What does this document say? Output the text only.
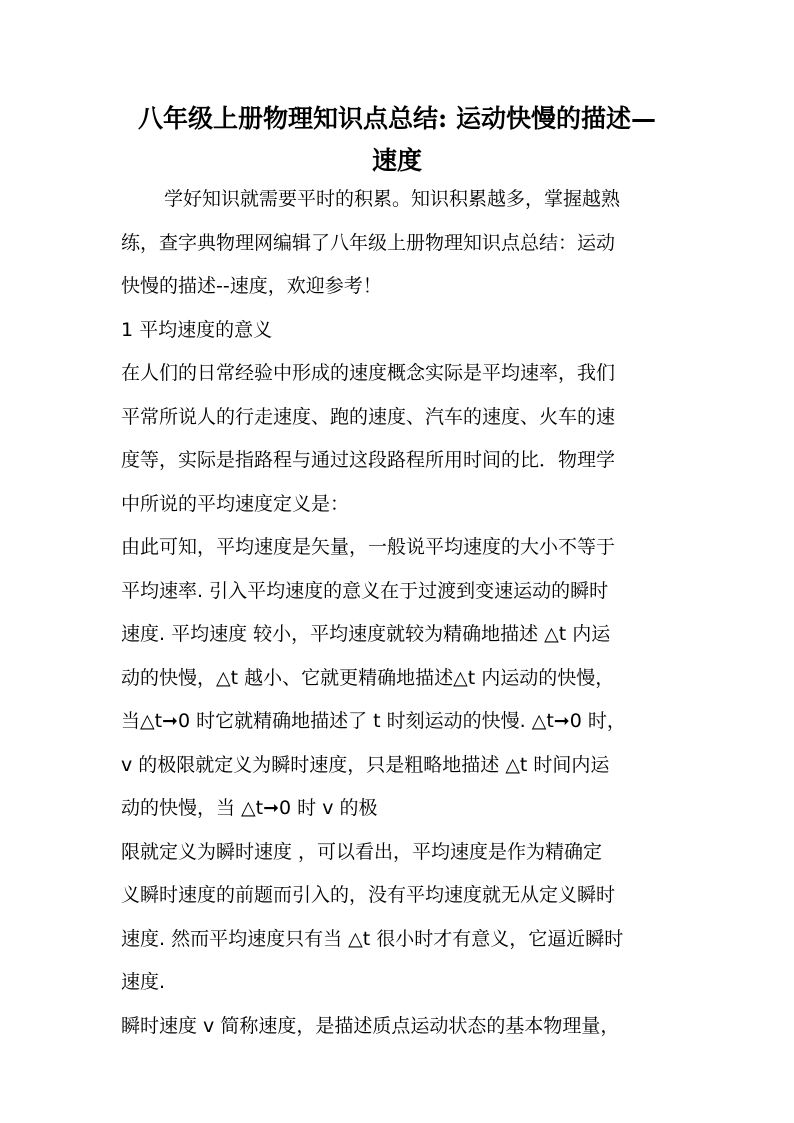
八年级上册物理知识点总结: 运动快慢的描述—
速度
学好知识就需要平时的积累。知识积累越多，掌握越熟
练，查字典物理网编辑了八年级上册物理知识点总结：运动
快慢的描述--速度，欢迎参考！
1 平均速度的意义
在人们的日常经验中形成的速度概念实际是平均速率，我们
平常所说人的行走速度、跑的速度、汽车的速度、火车的速
度等，实际是指路程与通过这段路程所用时间的比．物理学
中所说的平均速度定义是：
由此可知，平均速度是矢量，一般说平均速度的大小不等于
平均速率. 引入平均速度的意义在于过渡到变速运动的瞬时
速度. 平均速度 较小，平均速度就较为精确地描述 △t 内运
动的快慢，△t 越小、它就更精确地描述△t 内运动的快慢，
当△t➞0 时它就精确地描述了 t 时刻运动的快慢. △t➞0 时，
v 的极限就定义为瞬时速度，只是粗略地描述 △t 时间内运
动的快慢，当 △t➞0 时 v 的极
限就定义为瞬时速度 ，可以看出，平均速度是作为精确定
义瞬时速度的前题而引入的，没有平均速度就无从定义瞬时
速度. 然而平均速度只有当 △t 很小时才有意义，它逼近瞬时
速度.
瞬时速度 v 简称速度，是描述质点运动状态的基本物理量，
